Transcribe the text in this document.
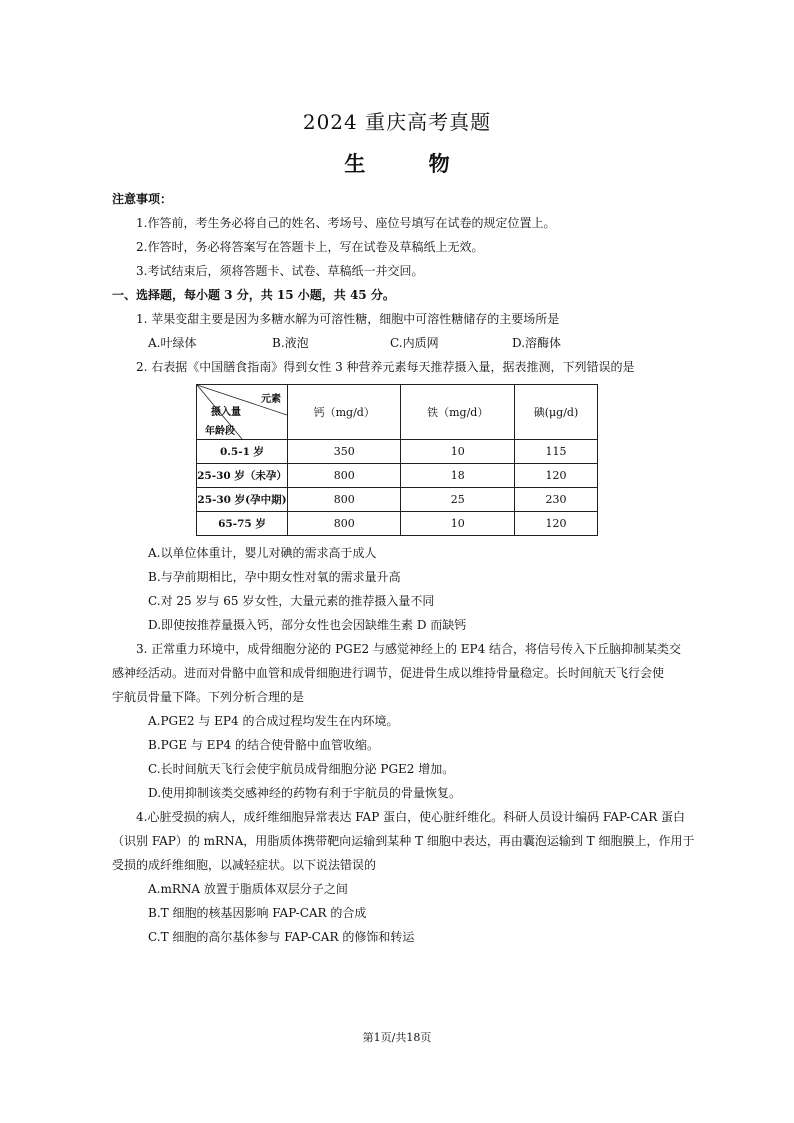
2024 重庆高考真题
生 物
注意事项：
1.作答前，考生务必将自己的姓名、考场号、座位号填写在试卷的规定位置上。
2.作答时，务必将答案写在答题卡上，写在试卷及草稿纸上无效。
3.考试结束后，须将答题卡、试卷、草稿纸一并交回。
一、选择题，每小题 3 分，共 15 小题，共 45 分。
1. 苹果变甜主要是因为多糖水解为可溶性糖，细胞中可溶性糖储存的主要场所是
A.叶绿体	B.液泡	C.内质网	D.溶酶体
2. 右表据《中国膳食指南》得到女性 3 种营养元素每天推荐摄入量，据表推测，下列错误的是
元素
摄入量
年龄段	钙（mg/d）	铁（mg/d）	碘(μg/d)
0.5-1 岁	350	10	115
25-30 岁（未孕）	800	18	120
25-30 岁(孕中期)	800	25	230
65-75 岁	800	10	120
A.以单位体重计，婴儿对碘的需求高于成人
B.与孕前期相比，孕中期女性对氧的需求量升高
C.对 25 岁与 65 岁女性，大量元素的推荐摄入量不同
D.即使按推荐量摄入钙，部分女性也会因缺维生素 D 而缺钙
3. 正常重力环境中，成骨细胞分泌的 PGE2 与感觉神经上的 EP4 结合，将信号传入下丘脑抑制某类交
感神经活动。进而对骨骼中血管和成骨细胞进行调节，促进骨生成以维持骨量稳定。长时间航天飞行会使
宇航员骨量下降。下列分析合理的是
A.PGE2 与 EP4 的合成过程均发生在内环境。
B.PGE 与 EP4 的结合使骨骼中血管收缩。
C.长时间航天飞行会使宇航员成骨细胞分泌 PGE2 增加。
D.使用抑制该类交感神经的药物有利于宇航员的骨量恢复。
4.心脏受损的病人，成纤维细胞异常表达 FAP 蛋白，使心脏纤维化。科研人员设计编码 FAP-CAR 蛋白
（识别 FAP）的 mRNA，用脂质体携带靶向运输到某种 T 细胞中表达，再由囊泡运输到 T 细胞膜上，作用于
受损的成纤维细胞，以减轻症状。以下说法错误的
A.mRNA 放置于脂质体双层分子之间
B.T 细胞的核基因影响 FAP-CAR 的合成
C.T 细胞的高尔基体参与 FAP-CAR 的修饰和转运
第1页/共18页
